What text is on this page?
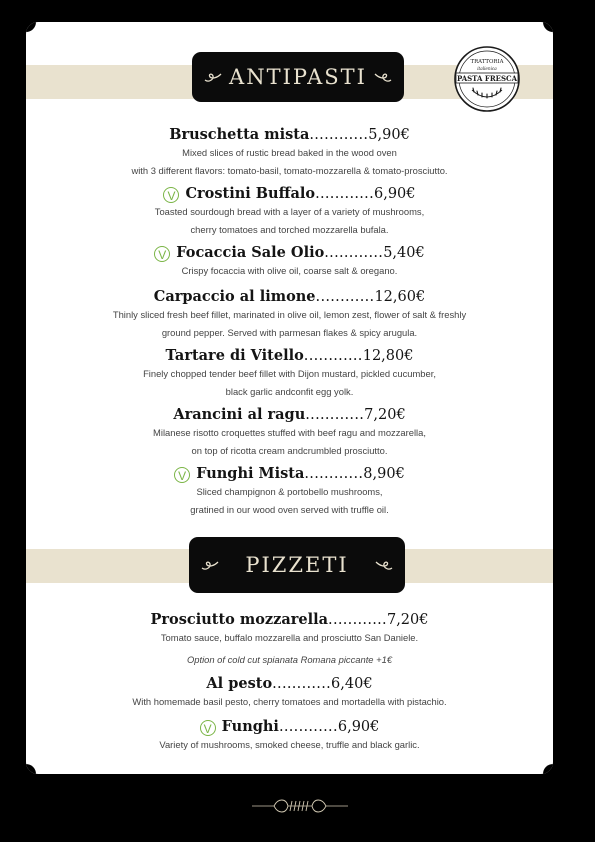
ANTIPASTI
TRATTORIA
italienica
PASTA FRESCA
Bruschetta mista............5,90€
Mixed slices of rustic bread baked in the wood oven
with 3 different flavors: tomato-basil, tomato-mozzarella & tomato-prosciutto.
V Crostini Buffalo............6,90€
Toasted sourdough bread with a layer of a variety of mushrooms,
cherry tomatoes and torched mozzarella bufala.
V Focaccia Sale Olio............5,40€
Crispy focaccia with olive oil, coarse salt & oregano.
Carpaccio al limone............12,60€
Thinly sliced fresh beef fillet, marinated in olive oil, lemon zest, flower of salt & freshly
ground pepper. Served with parmesan flakes & spicy arugula.
Tartare di Vitello............12,80€
Finely chopped tender beef fillet with Dijon mustard, pickled cucumber,
black garlic andconfit egg yolk.
Arancini al ragu............7,20€
Milanese risotto croquettes stuffed with beef ragu and mozzarella,
on top of ricotta cream andcrumbled prosciutto.
V Funghi Mista............8,90€
Sliced champignon & portobello mushrooms,
gratined in our wood oven served with truffle oil.
PIZZETI
Prosciutto mozzarella............7,20€
Tomato sauce, buffalo mozzarella and prosciutto San Daniele.
Option of cold cut spianata Romana piccante +1€
Al pesto............6,40€
With homemade basil pesto, cherry tomatoes and mortadella with pistachio.
V Funghi............6,90€
Variety of mushrooms, smoked cheese, truffle and black garlic.
